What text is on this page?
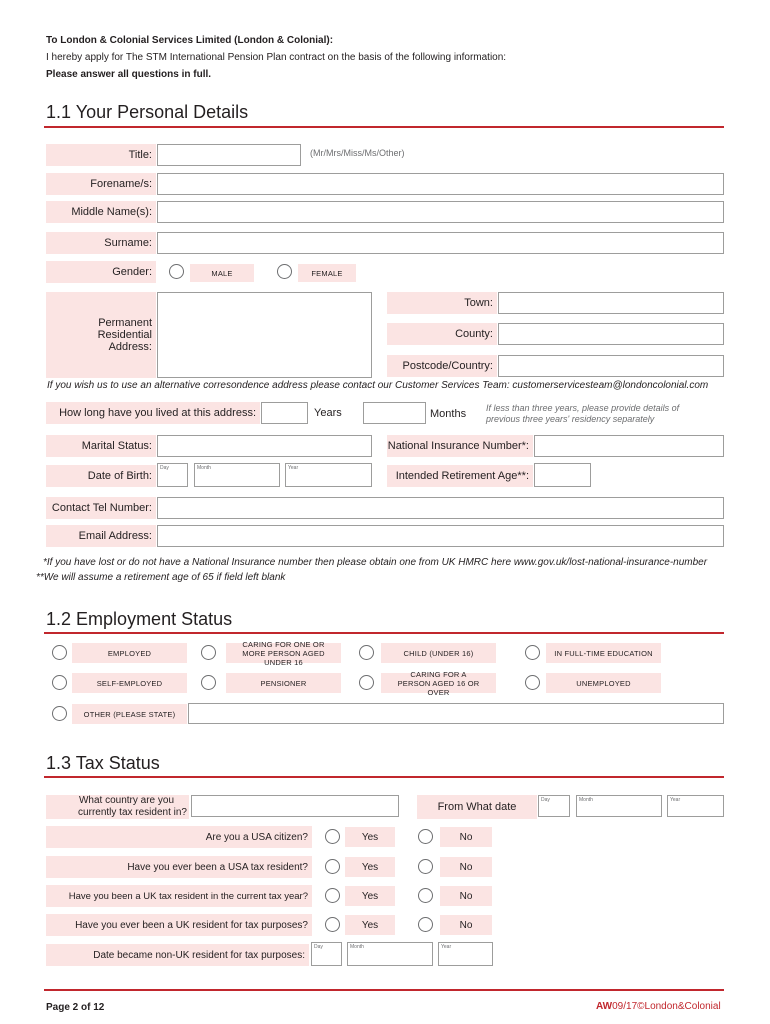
To London & Colonial Services Limited (London & Colonial):
I hereby apply for The STM International Pension Plan contract on the basis of the following information:
Please answer all questions in full.
1.1 Your Personal Details
Title:	(Mr/Mrs/Miss/Ms/Other)
Forename/s:
Middle Name(s):
Surname:
Gender:	MALE	FEMALE
Permanent Residential Address:
Town:
County:
Postcode/Country:
If you wish us to use an alternative corresondence address please contact our Customer Services Team: customerservicesteam@londoncolonial.com
How long have you lived at this address:	Years	Months If less than three years, please provide details of
previous three years' residency separately
Marital Status:	National Insurance Number*:
Date of Birth:
Day	Month	Year
Intended Retirement Age**:
Contact Tel Number:
Email Address:
*If you have lost or do not have a National Insurance number then please obtain one from UK HMRC here www.gov.uk/lost-national-insurance-number
**We will assume a retirement age of 65 if field left blank
1.2 Employment Status
EMPLOYED
CARING FOR ONE OR MORE PERSON AGED UNDER 16
CHILD (UNDER 16)	IN FULL-TIME EDUCATION
SELF-EMPLOYED	PENSIONER
CARING FOR A PERSON AGED 16 OR OVER
UNEMPLOYED
OTHER (PLEASE STATE)
1.3 Tax Status
What country are you
currently tax resident in?	From What date
Day	Month	Year
Are you a USA citizen?	Yes	No
Have you ever been a USA tax resident?	Yes	No
Have you been a UK tax resident in the current tax year?	Yes	No
Have you ever been a UK resident for tax purposes?	Yes	No
Date became non-UK resident for tax purposes:
Day	Month	Year
Page 2 of 12	AW09/17©London&Colonial
